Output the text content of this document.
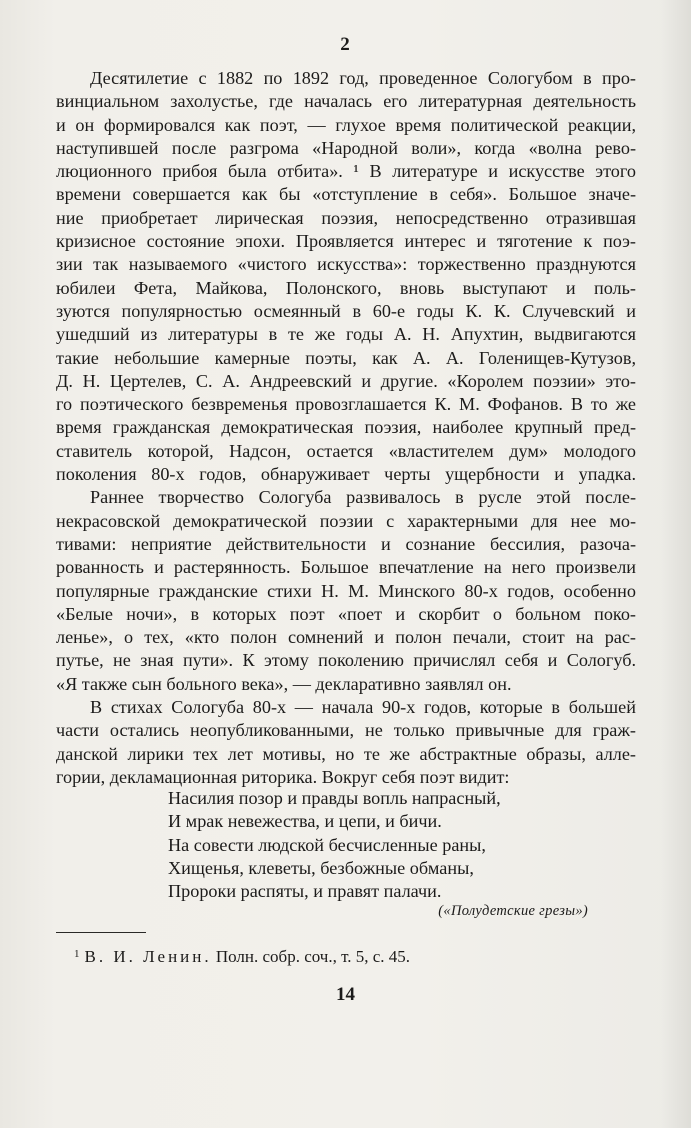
2
Десятилетие с 1882 по 1892 год, проведенное Сологубом в про-
винциальном захолустье, где началась его литературная деятельность
и он формировался как поэт, — глухое время политической реакции,
наступившей после разгрома «Народной воли», когда «волна рево-
люционного прибоя была отбита». ¹ В литературе и искусстве этого
времени совершается как бы «отступление в себя». Большое значе-
ние приобретает лирическая поэзия, непосредственно отразившая
кризисное состояние эпохи. Проявляется интерес и тяготение к поэ-
зии так называемого «чистого искусства»: торжественно празднуются юбилеи Фета, Майкова, Полонского, вновь выступают и поль-
зуются популярностью осмеянный в 60-е годы К. К. Случевский и
ушедший из литературы в те же годы А. Н. Апухтин, выдвигаются
такие небольшие камерные поэты, как А. А. Голенищев-Кутузов,
Д. Н. Цертелев, С. А. Андреевский и другие. «Королем поэзии» это-
го поэтического безвременья провозглашается К. М. Фофанов. В то же
время гражданская демократическая поэзия, наиболее крупный пред-
ставитель которой, Надсон, остается «властителем дум» молодого
поколения 80-х годов, обнаруживает черты ущербности и упадка.
Раннее творчество Сологуба развивалось в русле этой после-
некрасовской демократической поэзии с характерными для нее мо-
тивами: неприятие действительности и сознание бессилия, разоча-
рованность и растерянность. Большое впечатление на него произвели
популярные гражданские стихи Н. М. Минского 80-х годов, особенно
«Белые ночи», в которых поэт «поет и скорбит о больном поко-
ленье», о тех, «кто полон сомнений и полон печали, стоит на рас-
путье, не зная пути». К этому поколению причислял себя и Сологуб.
«Я также сын больного века», — декларативно заявлял он.
В стихах Сологуба 80-х — начала 90-х годов, которые в большей
части остались неопубликованными, не только привычные для граж-
данской лирики тех лет мотивы, но те же абстрактные образы, алле-
гории, декламационная риторика. Вокруг себя поэт видит:
Насилия позор и правды вопль напрасный,
И мрак невежества, и цепи, и бичи.
На совести людской бесчисленные раны,
Хищенья, клеветы, безбожные обманы,
Пророки распяты, и правят палачи.
(«Полудетские грезы»)
$^1$ В. И. Ленин. Полн. собр. соч., т. 5, с. 45.
14
